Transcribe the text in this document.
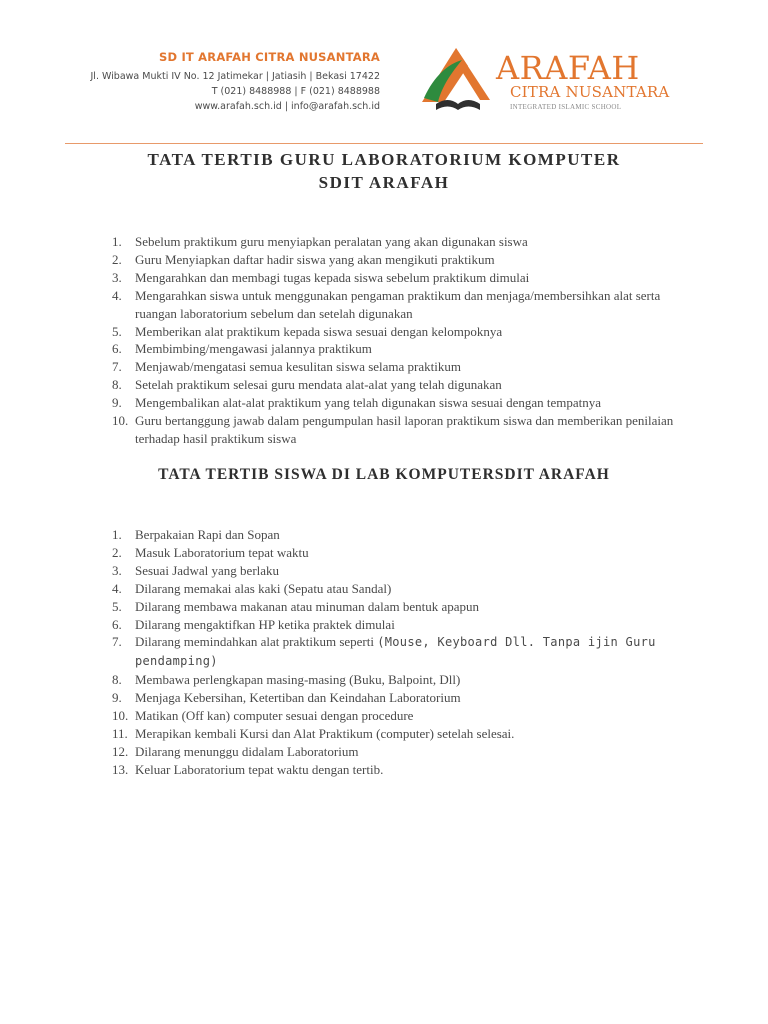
SD IT ARAFAH CITRA NUSANTARA
Jl. Wibawa Mukti IV No. 12 Jatimekar | Jatiasih | Bekasi 17422
T (021) 8488988 | F (021) 8488988
www.arafah.sch.id | info@arafah.sch.id
ARAFAH
CITRA NUSANTARA
INTEGRATED ISLAMIC SCHOOL
TATA TERTIB GURU LABORATORIUM KOMPUTER
SDIT ARAFAH
1. Sebelum praktikum guru menyiapkan peralatan yang akan digunakan siswa
2. Guru Menyiapkan daftar hadir siswa yang akan mengikuti praktikum
3. Mengarahkan dan membagi tugas kepada siswa sebelum praktikum dimulai
4. Mengarahkan siswa untuk menggunakan pengaman praktikum dan menjaga/membersihkan alat serta ruangan laboratorium sebelum dan setelah digunakan
5. Memberikan alat praktikum kepada siswa sesuai dengan kelompoknya
6. Membimbing/mengawasi jalannya praktikum
7. Menjawab/mengatasi semua kesulitan siswa selama praktikum
8. Setelah praktikum selesai guru mendata alat-alat yang telah digunakan
9. Mengembalikan alat-alat praktikum yang telah digunakan siswa sesuai dengan tempatnya
10. Guru bertanggung jawab dalam pengumpulan hasil laporan praktikum siswa dan memberikan penilaian terhadap hasil praktikum siswa
TATA TERTIB SISWA DI LAB KOMPUTERSDIT ARAFAH
1. Berpakaian Rapi dan Sopan
2. Masuk Laboratorium tepat waktu
3. Sesuai Jadwal yang berlaku
4. Dilarang memakai alas kaki (Sepatu atau Sandal)
5. Dilarang membawa makanan atau minuman dalam bentuk apapun
6. Dilarang mengaktifkan HP ketika praktek dimulai
7. Dilarang memindahkan alat praktikum seperti (Mouse, Keyboard Dll. Tanpa ijin Guru pendamping)
8. Membawa perlengkapan masing-masing (Buku, Balpoint, Dll)
9. Menjaga Kebersihan, Ketertiban dan Keindahan Laboratorium
10. Matikan (Off kan) computer sesuai dengan procedure
11. Merapikan kembali Kursi dan Alat Praktikum (computer) setelah selesai.
12. Dilarang menunggu didalam Laboratorium
13. Keluar Laboratorium tepat waktu dengan tertib.
